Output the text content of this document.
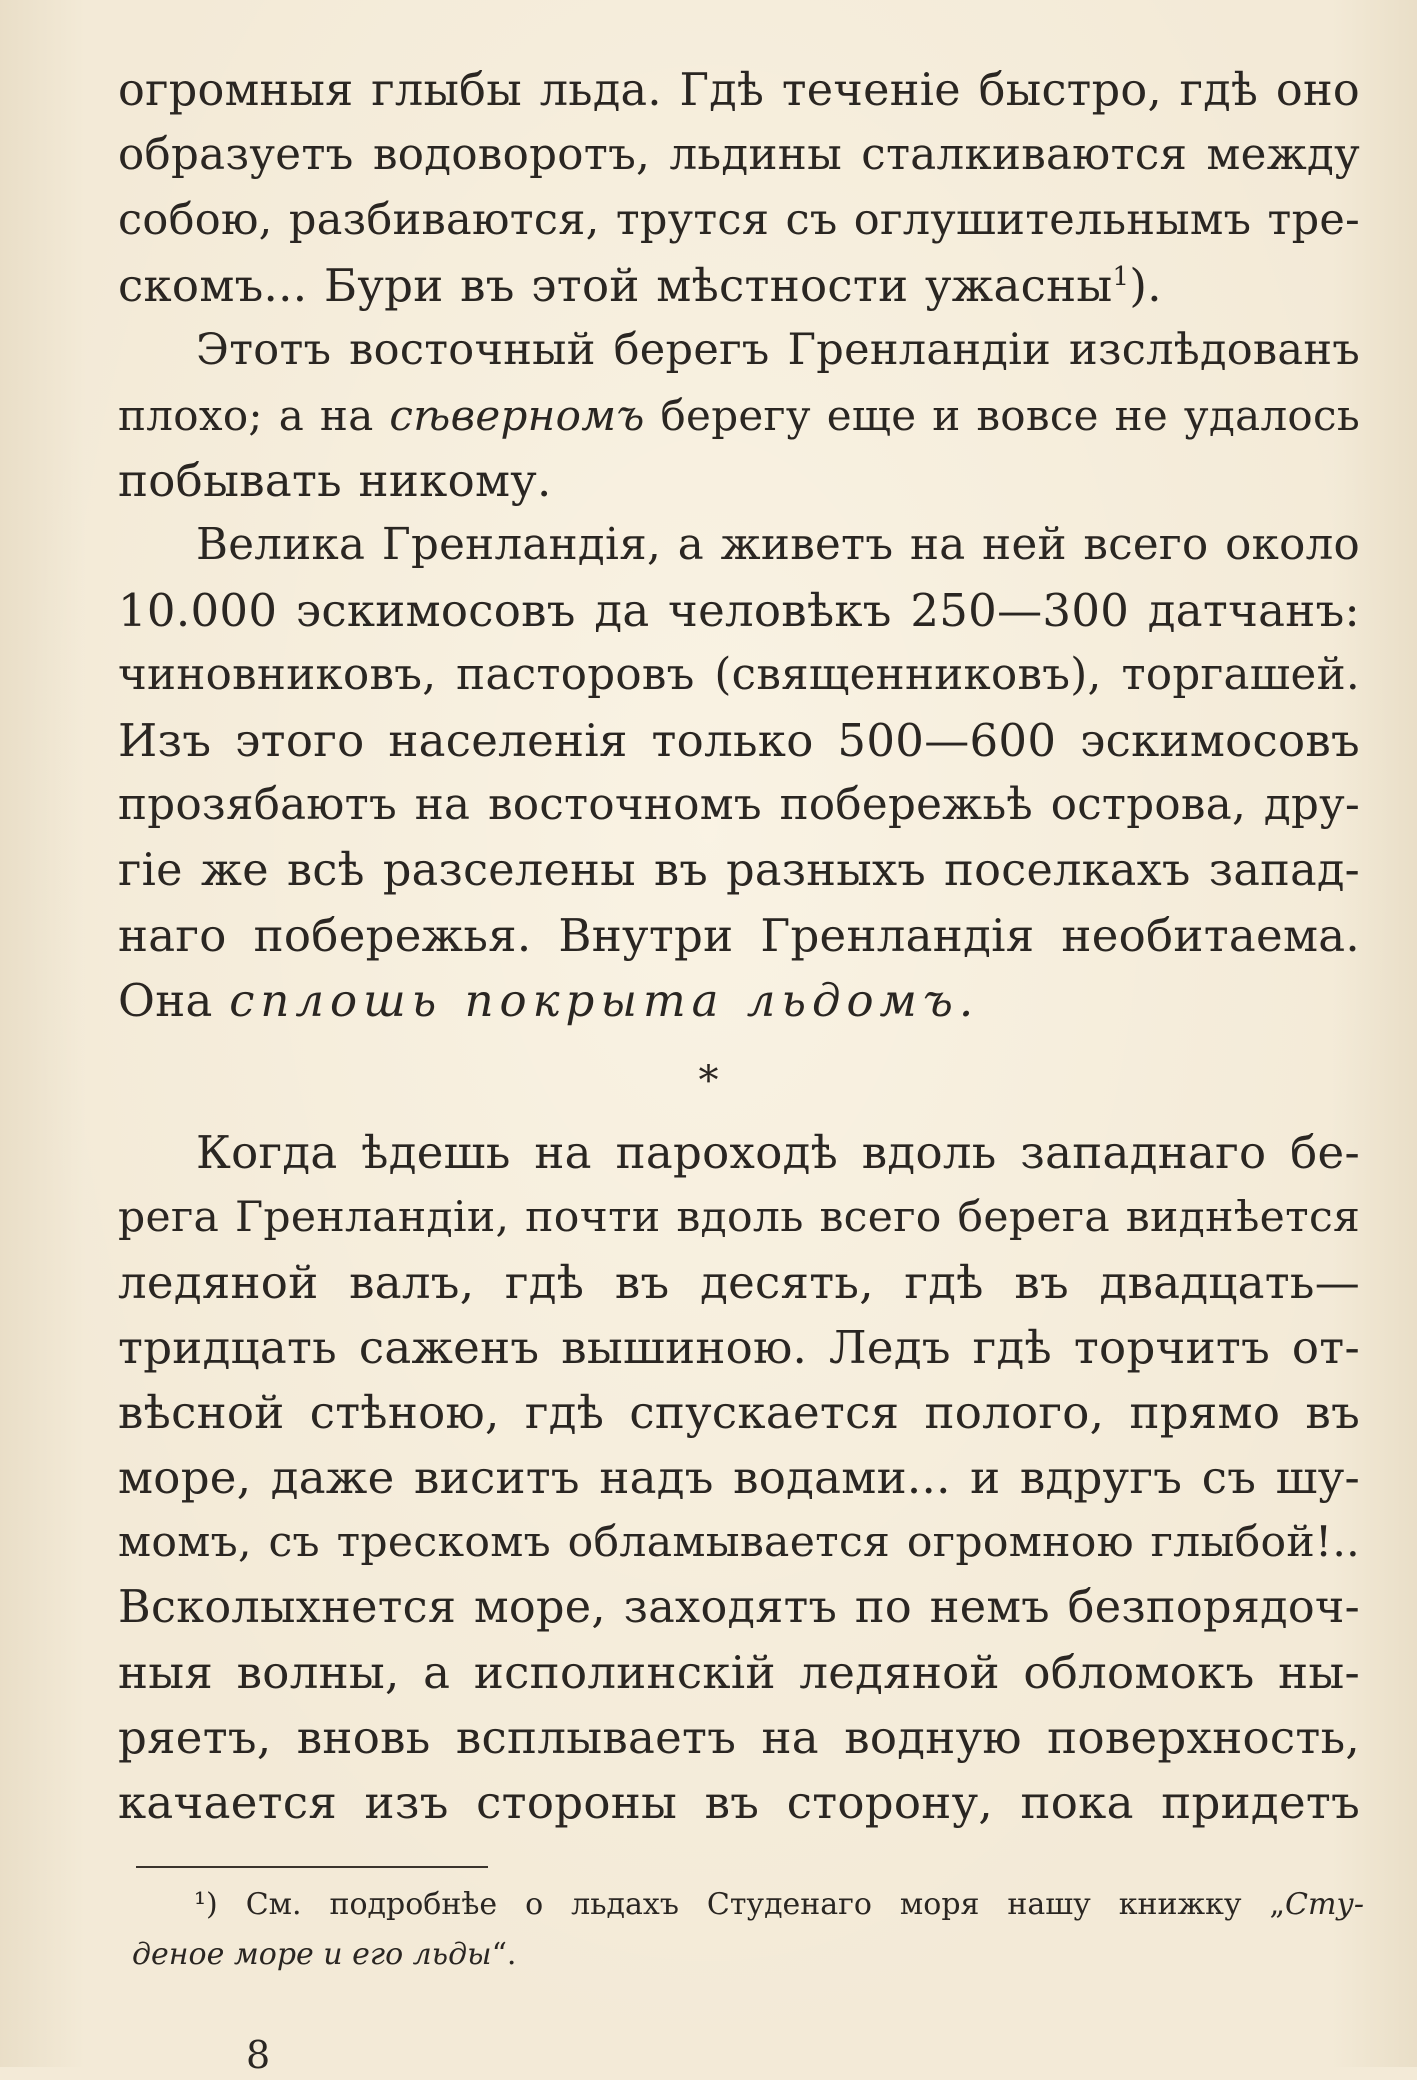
огромныя глыбы льда. Гдѣ теченіе быстро, гдѣ оно
образуетъ водоворотъ, льдины сталкиваются между
собою, разбиваются, трутся съ оглушительнымъ тре-
скомъ... Бури въ этой мѣстности ужасны$^1$).
Этотъ восточный берегъ Гренландіи изслѣдованъ
плохо; а на сѣверномъ берегу еще и вовсе не удалось
побывать никому.
Велика Гренландія, а живетъ на ней всего около
10.000 эскимосовъ да человѣкъ 250—300 датчанъ:
чиновниковъ, пасторовъ (священниковъ), торгашей.
Изъ этого населенія только 500—600 эскимосовъ
прозябаютъ на восточномъ побережьѣ острова, дру-
гіе же всѣ разселены въ разныхъ поселкахъ запад-
наго побережья. Внутри Гренландія необитаема.
Она сплошь покрыта льдомъ.
*
Когда ѣдешь на пароходѣ вдоль западнаго бе-
рега Гренландіи, почти вдоль всего берега виднѣется
ледяной валъ, гдѣ въ десять, гдѣ въ двадцать—
тридцать саженъ вышиною. Ледъ гдѣ торчитъ от-
вѣсной стѣною, гдѣ спускается полого, прямо въ
море, даже виситъ надъ водами... и вдругъ съ шу-
момъ, съ трескомъ обламывается огромною глыбой!..
Всколыхнется море, заходятъ по немъ безпорядоч-
ныя волны, а исполинскій ледяной обломокъ ны-
ряетъ, вновь всплываетъ на водную поверхность,
качается изъ стороны въ сторону, пока придетъ
¹) См. подробнѣе о льдахъ Студенаго моря нашу книжку „Сту-
деное море и его льды“.
8
